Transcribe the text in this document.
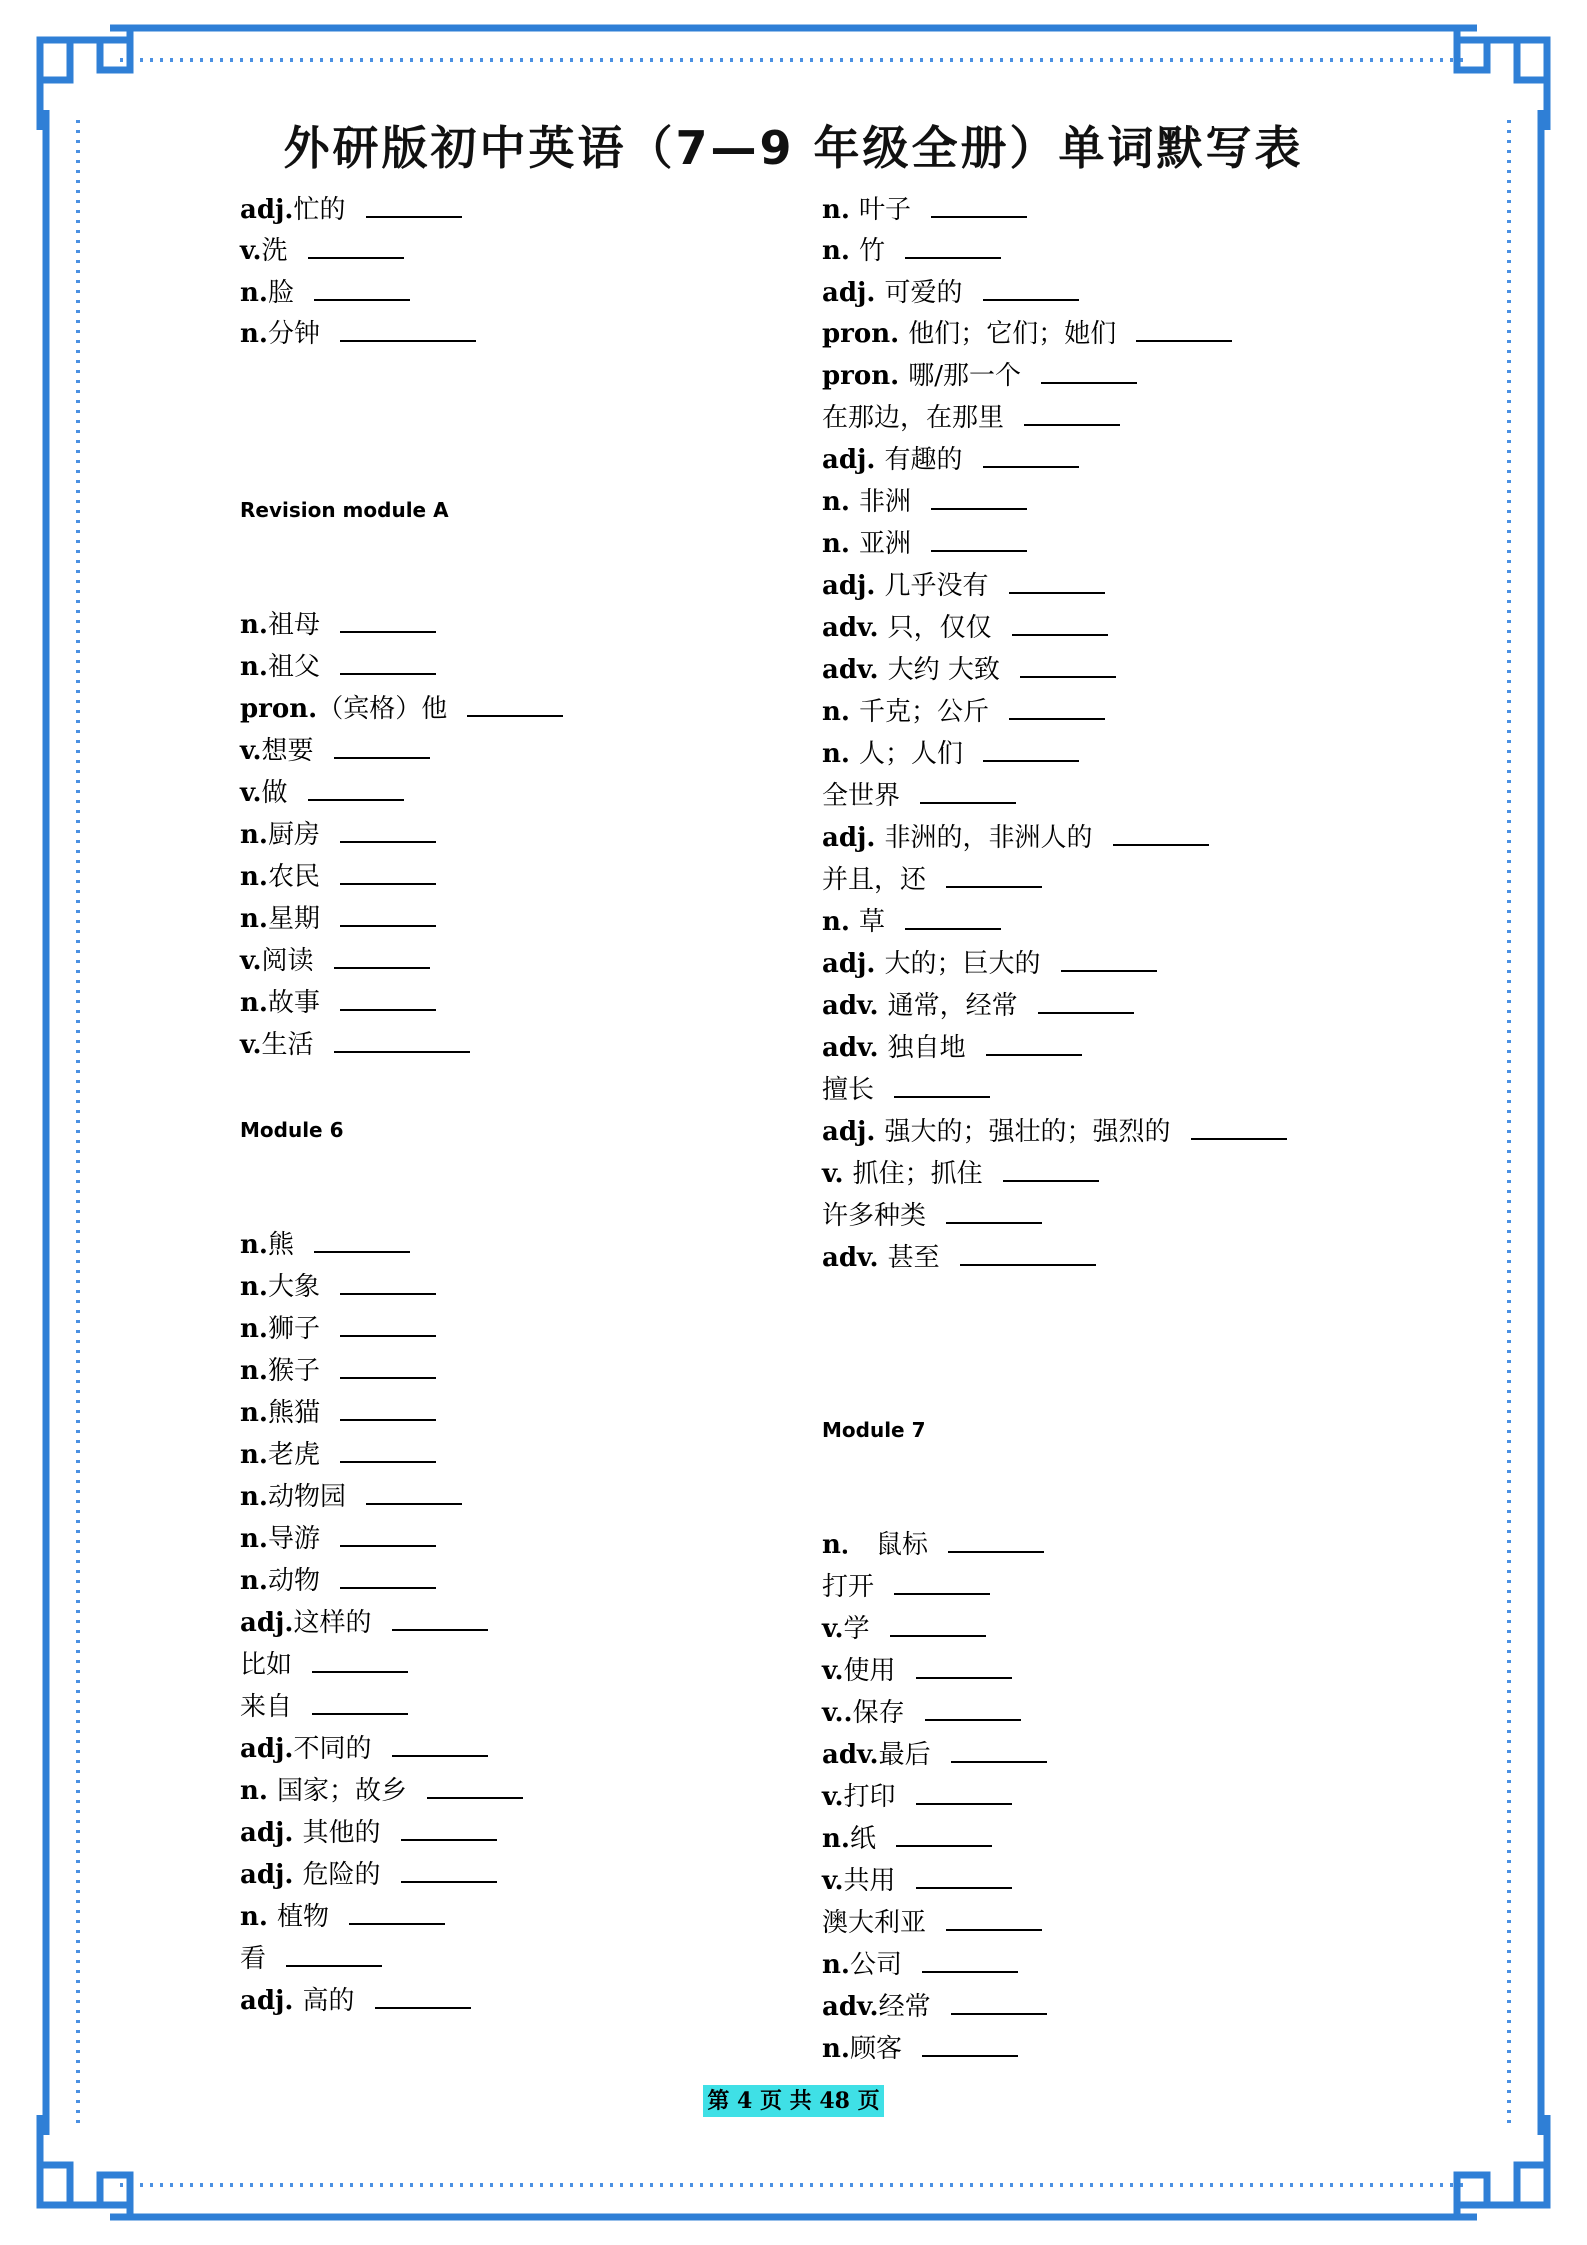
外研版初中英语（7—9 年级全册）单词默写表
adj.忙的
v.洗
n.脸
n.分钟
Revision module A
n.祖母
n.祖父
pron.（宾格）他
v.想要
v.做
n.厨房
n.农民
n.星期
v.阅读
n.故事
v.生活
Module 6
n.熊
n.大象
n.狮子
n.猴子
n.熊猫
n.老虎
n.动物园
n.导游
n.动物
adj.这样的
比如
来自
adj.不同的
n. 国家；故乡
adj. 其他的
adj. 危险的
n. 植物
看
adj. 高的
n. 叶子
n. 竹
adj. 可爱的
pron. 他们；它们；她们
pron. 哪/那一个
在那边，在那里
adj. 有趣的
n. 非洲
n. 亚洲
adj. 几乎没有
adv. 只，仅仅
adv. 大约 大致
n. 千克；公斤
n. 人；人们
全世界
adj. 非洲的，非洲人的
并且，还
n. 草
adj. 大的；巨大的
adv. 通常，经常
adv. 独自地
擅长
adj. 强大的；强壮的；强烈的
v. 抓住；抓住
许多种类
adv. 甚至
Module 7
n． 鼠标
打开
v.学
v.使用
v..保存
adv.最后
v.打印
n.纸
v.共用
澳大利亚
n.公司
adv.经常
n.顾客
第 4 页 共 48 页
